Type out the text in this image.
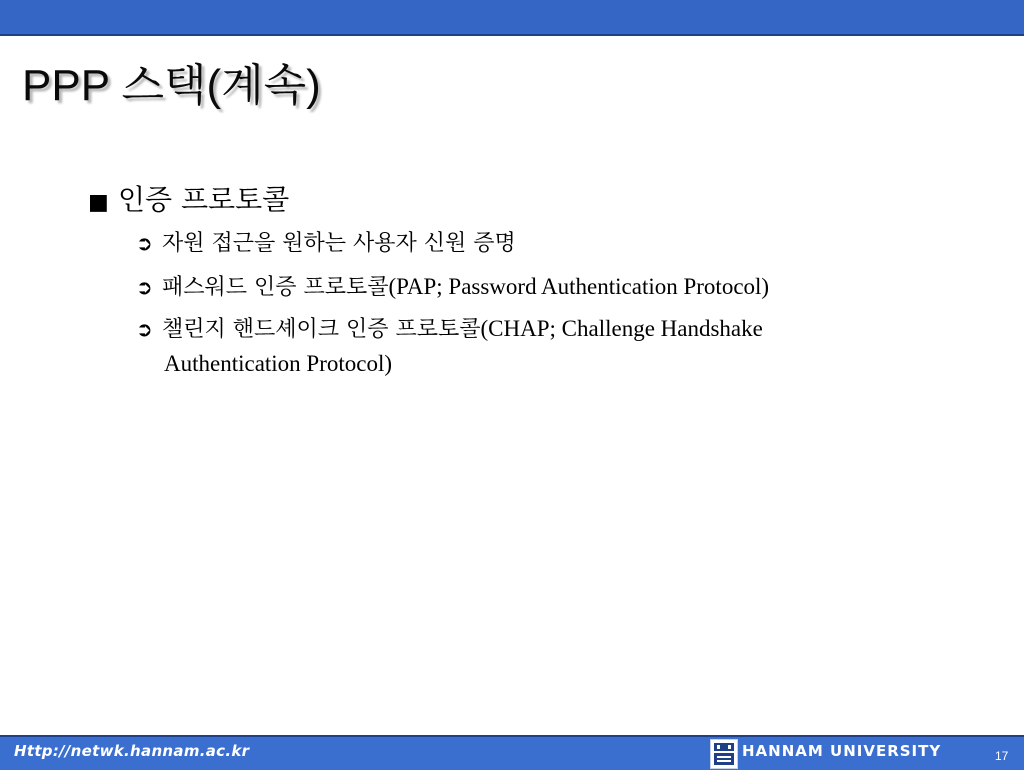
PPP 스택(계속)
■ 인증 프로토콜
➲ 자원 접근을 원하는 사용자 신원 증명
➲ 패스워드 인증 프로토콜(PAP; Password Authentication Protocol)
➲ 챌린지 핸드셰이크 인증 프로토콜(CHAP; Challenge Handshake
Authentication Protocol)
Http://netwk.hannam.ac.kr	HANNAM UNIVERSITY	17
